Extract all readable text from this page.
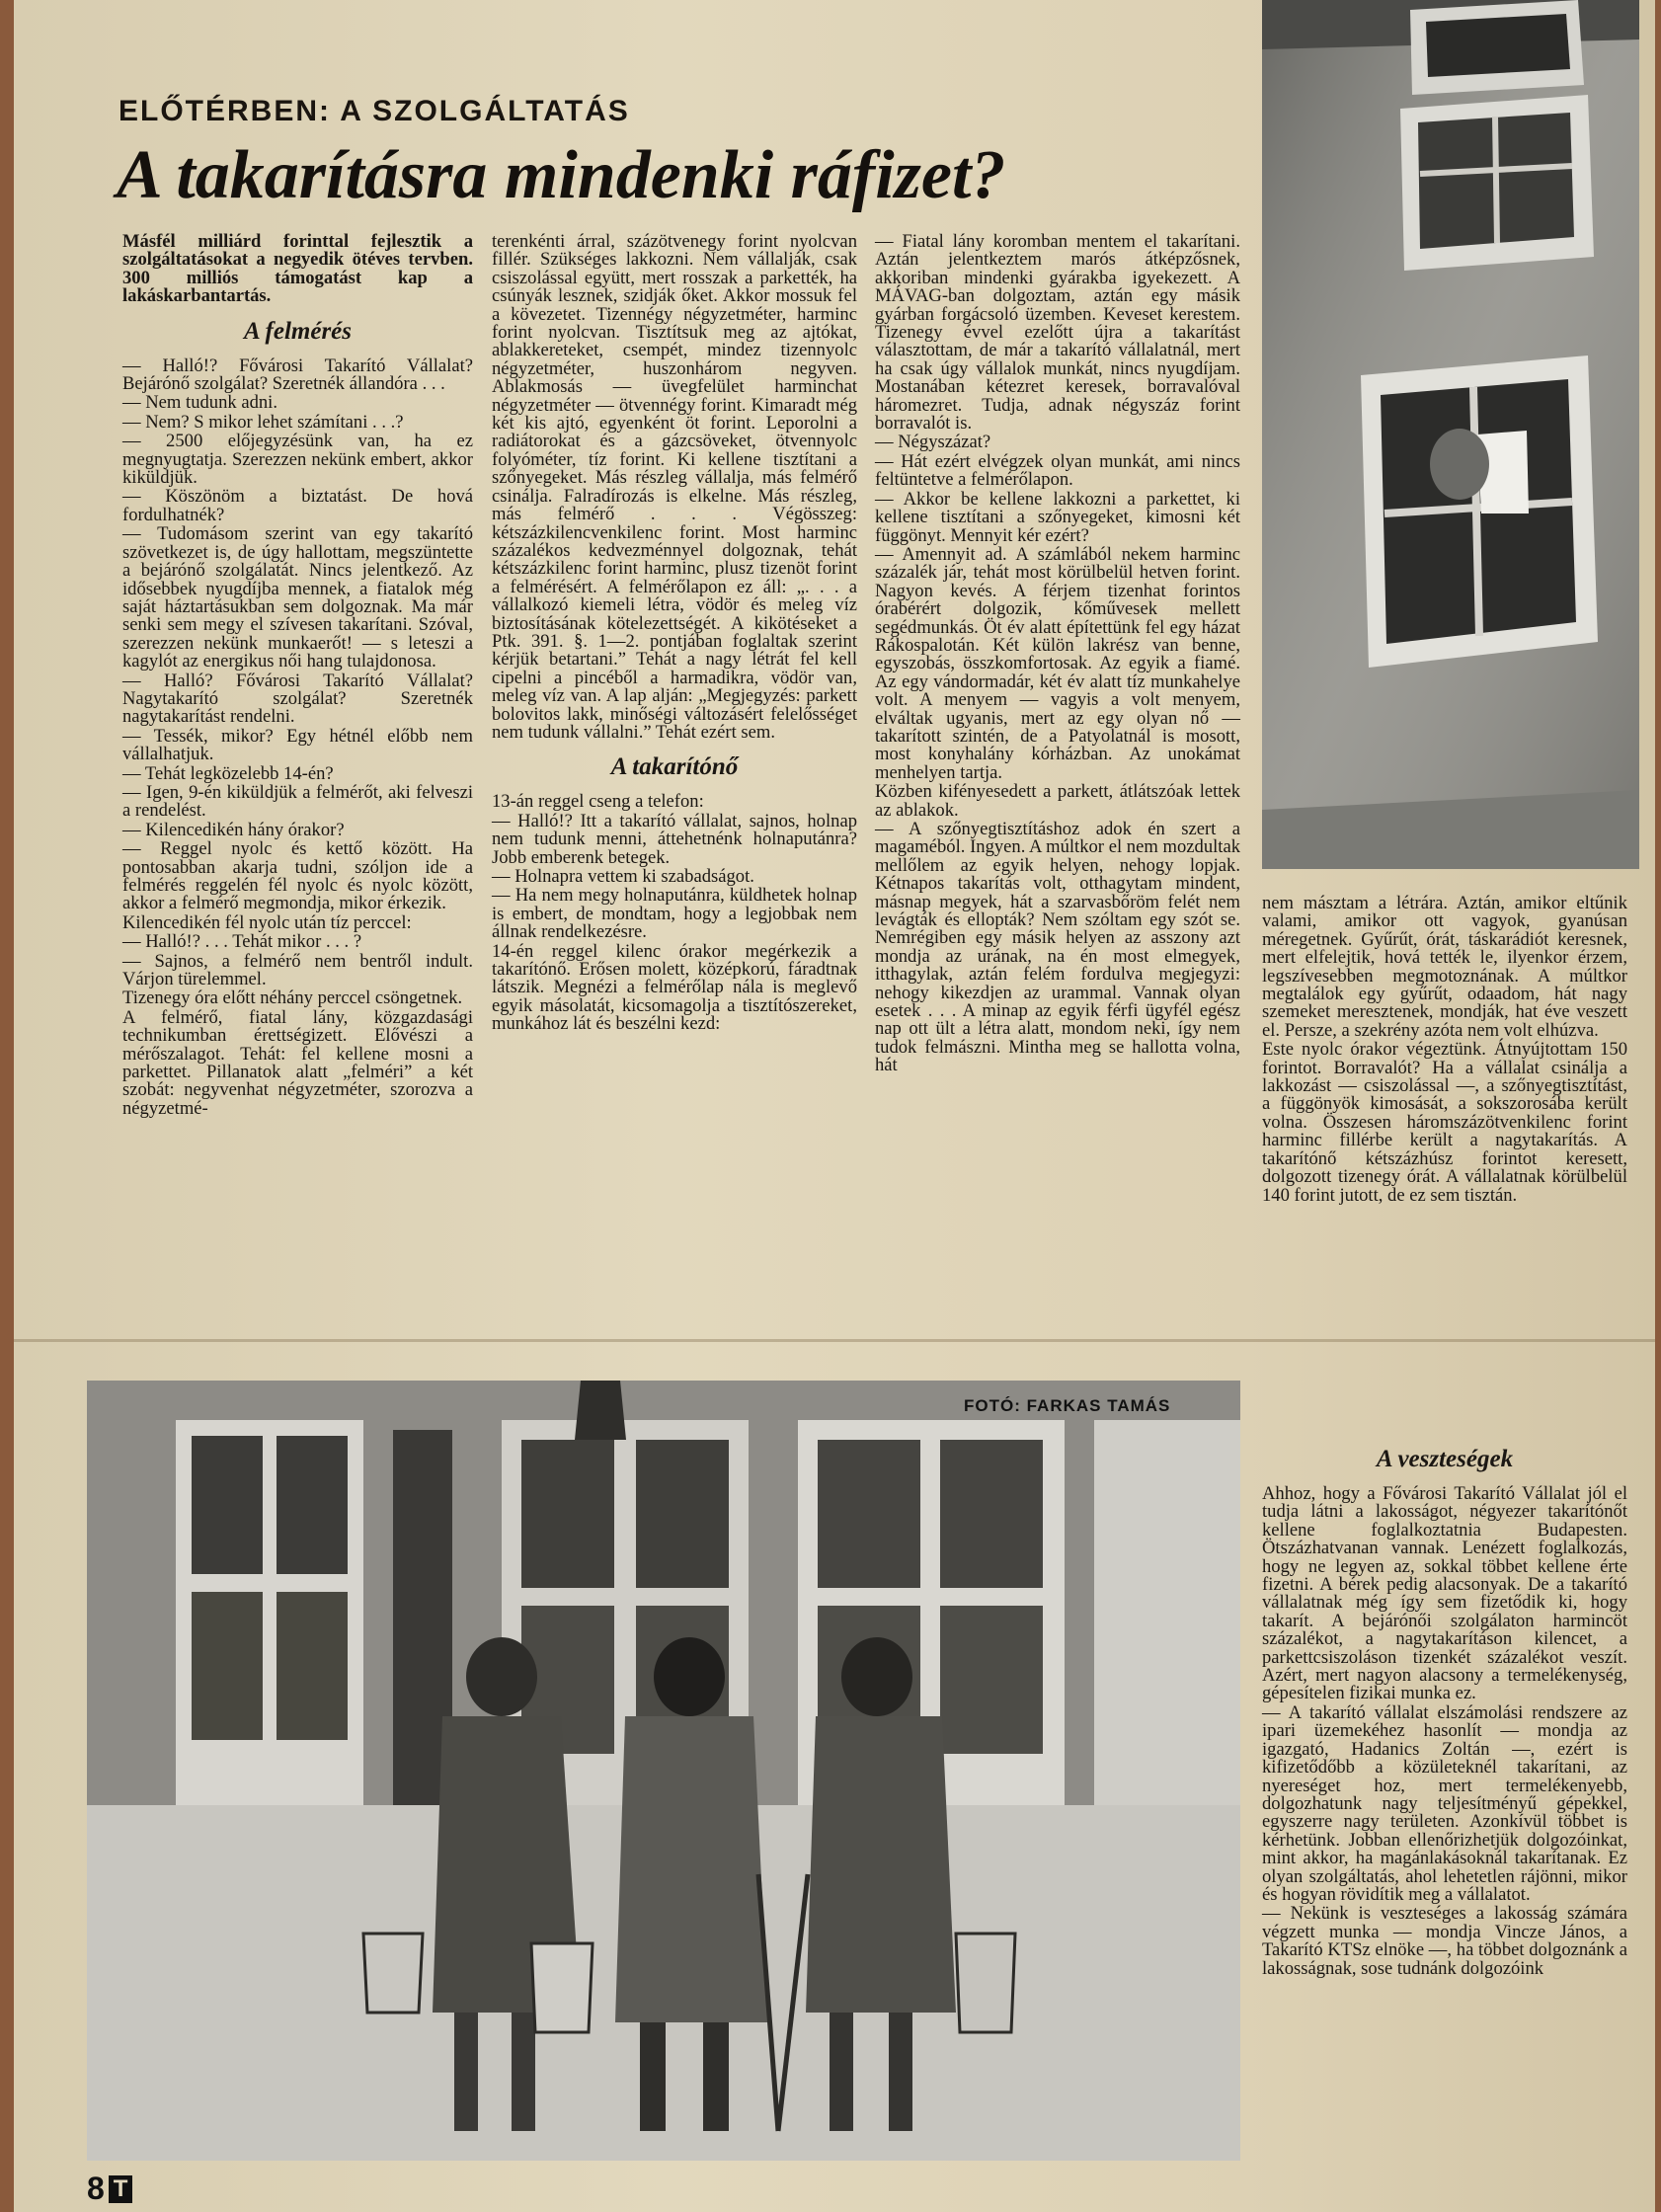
ELŐTÉRBEN: A SZOLGÁLTATÁS
A takarításra mindenki ráfizet?

Másfél milliárd forinttal fejlesztik a szolgáltatásokat a negyedik ötéves tervben. 300 milliós támogatást kap a lakáskarbantartás.

A felmérés

— Halló!? Fővárosi Takarító Vállalat? Bejárónő szolgálat? Szeretnék állandóra . . .

— Nem tudunk adni.

— Nem? S mikor lehet számítani . . .?

— 2500 előjegyzésünk van, ha ez megnyugtatja. Szerezzen nekünk embert, akkor kiküldjük.

— Köszönöm a biztatást. De hová fordulhatnék?

— Tudomásom szerint van egy takarító szövetkezet is, de úgy hallottam, megszüntette a bejárónő szolgálatát. Nincs jelentkező. Az idősebbek nyugdíjba mennek, a fiatalok még saját háztartásukban sem dolgoznak. Ma már senki sem megy el szívesen takarítani. Szóval, szerezzen nekünk munkaerőt! — s leteszi a kagylót az energikus női hang tulajdonosa.

— Halló? Fővárosi Takarító Vállalat? Nagytakarító szolgálat? Szeretnék nagytakarítást rendelni.

— Tessék, mikor? Egy hétnél előbb nem vállalhatjuk.

— Tehát legközelebb 14-én?

— Igen, 9-én kiküldjük a felmérőt, aki felveszi a rendelést.

— Kilencedikén hány órakor?

— Reggel nyolc és kettő között. Ha pontosabban akarja tudni, szóljon ide a felmérés reggelén fél nyolc és nyolc között, akkor a felmérő megmondja, mikor érkezik.

Kilencedikén fél nyolc után tíz perccel:

— Halló!? . . . Tehát mikor . . . ?

— Sajnos, a felmérő nem bentről indult. Várjon türelemmel.

Tizenegy óra előtt néhány perccel csöngetnek.

A felmérő, fiatal lány, közgazdasági technikumban érettségizett. Elővészi a mérőszalagot. Tehát: fel kellene mosni a parkettet. Pillanatok alatt „felméri” a két szobát: negyvenhat négyzetméter, szorozva a négyzetmé-

terenkénti árral, százötvenegy forint nyolcvan fillér. Szükséges lakkozni. Nem vállalják, csak csiszolással együtt, mert rosszak a parkették, ha csúnyák lesznek, szidják őket. Akkor mossuk fel a kövezetet. Tizennégy négyzetméter, harminc forint nyolcvan. Tisztítsuk meg az ajtókat, ablakkereteket, csempét, mindez tizennyolc négyzetméter, huszonhárom negyven. Ablakmosás — üvegfelület harminchat négyzetméter — ötvennégy forint. Kimaradt még két kis ajtó, egyenként öt forint. Leporolni a radiátorokat és a gázcsöveket, ötvennyolc folyóméter, tíz forint. Ki kellene tisztítani a szőnyegeket. Más részleg vállalja, más felmérő csinálja. Falradírozás is elkelne. Más részleg, más felmérő . . . Végösszeg: kétszázkilencvenkilenc forint. Most harminc százalékos kedvezménnyel dolgoznak, tehát kétszázkilenc forint harminc, plusz tizenöt forint a felmérésért. A felmérőlapon ez áll: „. . . a vállalkozó kiemeli létra, vödör és meleg víz biztosításának kötelezettségét. A kikötéseket a Ptk. 391. §. 1—2. pontjában foglaltak szerint kérjük betartani.” Tehát a nagy létrát fel kell cipelni a pincéből a harmadikra, vödör van, meleg víz van. A lap alján: „Megjegyzés: parkett bolovitos lakk, minőségi változásért felelősséget nem tudunk vállalni.” Tehát ezért sem.

A takarítónő

13-án reggel cseng a telefon:

— Halló!? Itt a takarító vállalat, sajnos, holnap nem tudunk menni, áttehetnénk holnaputánra? Jobb emberenk betegek.

— Holnapra vettem ki szabadságot.

— Ha nem megy holnaputánra, küldhetek holnap is embert, de mondtam, hogy a legjobbak nem állnak rendelkezésre.

14-én reggel kilenc órakor megérkezik a takarítónő. Erősen molett, középkorú, fáradtnak látszik. Megnézi a felmérőlap nála is meglevő egyik másolatát, kicsomagolja a tisztítószereket, munkához lát és beszélni kezd:

— Fiatal lány koromban mentem el takarítani. Aztán jelentkeztem marós átképzősnek, akkoriban mindenki gyárakba igyekezett. A MÁVAG-ban dolgoztam, aztán egy másik gyárban forgácsoló üzemben. Keveset kerestem. Tizenegy évvel ezelőtt újra a takarítást választottam, de már a takarító vállalatnál, mert ha csak úgy vállalok munkát, nincs nyugdíjam. Mostanában kétezret keresek, borravalóval háromezret. Tudja, adnak négyszáz forint borravalót is.

— Négyszázat?

— Hát ezért elvégzek olyan munkát, ami nincs feltüntetve a felmérőlapon.

— Akkor be kellene lakkozni a parkettet, ki kellene tisztítani a szőnyegeket, kimosni két függönyt. Mennyit kér ezért?

— Amennyit ad. A számlából nekem harminc százalék jár, tehát most körülbelül hetven forint. Nagyon kevés. A férjem tizenhat forintos órabérért dolgozik, kőművesek mellett segédmunkás. Öt év alatt építettünk fel egy házat Rákospalotán. Két külön lakrész van benne, egyszobás, összkomfortosak. Az egyik a fiamé. Az egy vándormadár, két év alatt tíz munkahelye volt. A menyem — vagyis a volt menyem, elváltak ugyanis, mert az egy olyan nő — takarított szintén, de a Patyolatnál is mosott, most konyhalány kórházban. Az unokámat menhelyen tartja.

Közben kifényesedett a parkett, átlátszóak lettek az ablakok.

— A szőnyegtisztításhoz adok én szert a magaméból. Ingyen. A múltkor el nem mozdultak mellőlem az egyik helyen, nehogy lopjak. Kétnapos takarítás volt, otthagytam mindent, másnap megyek, hát a szarvasbőröm felét nem levágták és ellopták? Nem szóltam egy szót se. Nemrégiben egy másik helyen az asszony azt mondja az urának, na én most elmegyek, itthagylak, aztán felém fordulva megjegyzi: nehogy kikezdjen az urammal. Vannak olyan esetek . . . A minap az egyik férfi ügyfél egész nap ott ült a létra alatt, mondom neki, így nem tudok felmászni. Mintha meg se hallotta volna, hát

nem másztam a létrára. Aztán, amikor eltűnik valami, amikor ott vagyok, gyanúsan méregetnek. Gyűrűt, órát, táskarádiót keresnek, mert elfelejtik, hová tették le, ilyenkor érzem, legszívesebben megmotoznának. A múltkor megtalálok egy gyűrűt, odaadom, hát nagy szemeket meresztenek, mondják, hat éve veszett el. Persze, a szekrény azóta nem volt elhúzva.

Este nyolc órakor végeztünk. Átnyújtottam 150 forintot. Borravalót? Ha a vállalat csinálja a lakkozást — csiszolással —, a szőnyegtisztítást, a függönyök kimosását, a sokszorosába került volna. Összesen háromszázötvenkilenc forint harminc fillérbe került a nagytakarítás. A takarítónő kétszázhúsz forintot keresett, dolgozott tizenegy órát. A vállalatnak körülbelül 140 forint jutott, de ez sem tisztán.

A veszteségek

Ahhoz, hogy a Fővárosi Takarító Vállalat jól el tudja látni a lakosságot, négyezer takarítónőt kellene foglalkoztatnia Budapesten. Ötszázhatvanan vannak. Lenézett foglalkozás, hogy ne legyen az, sokkal többet kellene érte fizetni. A bérek pedig alacsonyak. De a takarító vállalatnak még így sem fizetődik ki, hogy takarít. A bejárónői szolgálaton harmincöt százalékot, a nagytakarításon kilencet, a parkettcsiszoláson tizenkét százalékot veszít. Azért, mert nagyon alacsony a termelékenység, gépesítelen fizikai munka ez.

— A takarító vállalat elszámolási rendszere az ipari üzemekéhez hasonlít — mondja az igazgató, Hadanics Zoltán —, ezért is kifizetődőbb a közületeknél takarítani, az nyereséget hoz, mert termelékenyebb, dolgozhatunk nagy teljesítményű gépekkel, egyszerre nagy területen. Azonkívül többet is kérhetünk. Jobban ellenőrizhetjük dolgozóinkat, mint akkor, ha magánlakásoknál takarítanak. Ez olyan szolgáltatás, ahol lehetetlen rájönni, mikor és hogyan rövidítik meg a vállalatot.

— Nekünk is veszteséges a lakosság számára végzett munka — mondja Vincze János, a Takarító KTSz elnöke —, ha többet dolgoznánk a lakosságnak, sose tudnánk dolgozóink

FOTÓ: FARKAS TAMÁS
8 T
